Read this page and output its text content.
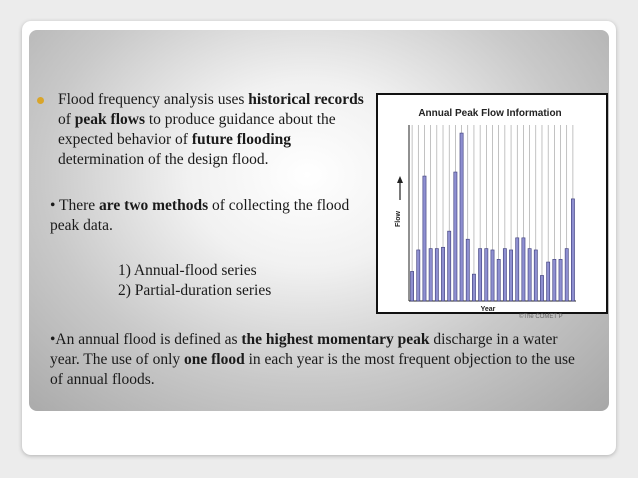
Flood frequency analysis uses historical records of peak flows to produce guidance about the expected behavior of future flooding determination of the design flood.
• There are two methods of collecting the flood peak data.
1) Annual-flood series
2) Partial-duration series
•An annual flood is defined as the highest momentary peak discharge in a water year. The use of only one flood in each year is the most frequent objection to the use of annual floods.
Annual Peak Flow Information
Flow
Year
©The COMET P
